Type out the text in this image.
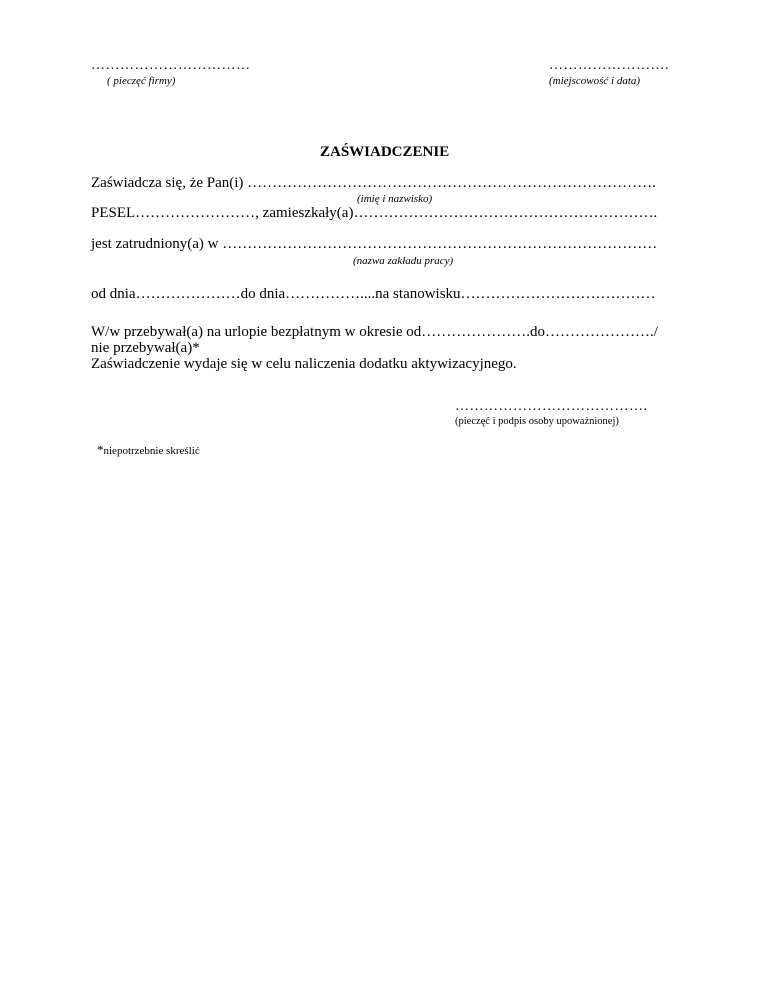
……………………………
( pieczęć firmy)
…………………….
(miejscowość i data)
ZAŚWIADCZENIE
Zaświadcza się, że Pan(i) ……………………………………………………………………….
(imię i nazwisko)
PESEL……………………, zamieszkały(a)…………………………………………………….
jest zatrudniony(a) w ……………………………………………………………………………
(nazwa zakładu pracy)
od dnia…………………do dnia……………....na stanowisku…………………………………
W/w przebywał(a) na urlopie bezpłatnym w okresie od………………….do…………………./
nie przebywał(a)*
Zaświadczenie wydaje się w celu naliczenia dodatku aktywizacyjnego.
………………………………….
(pieczęć i podpis osoby upoważnionej)
*niepotrzebnie skreślić
